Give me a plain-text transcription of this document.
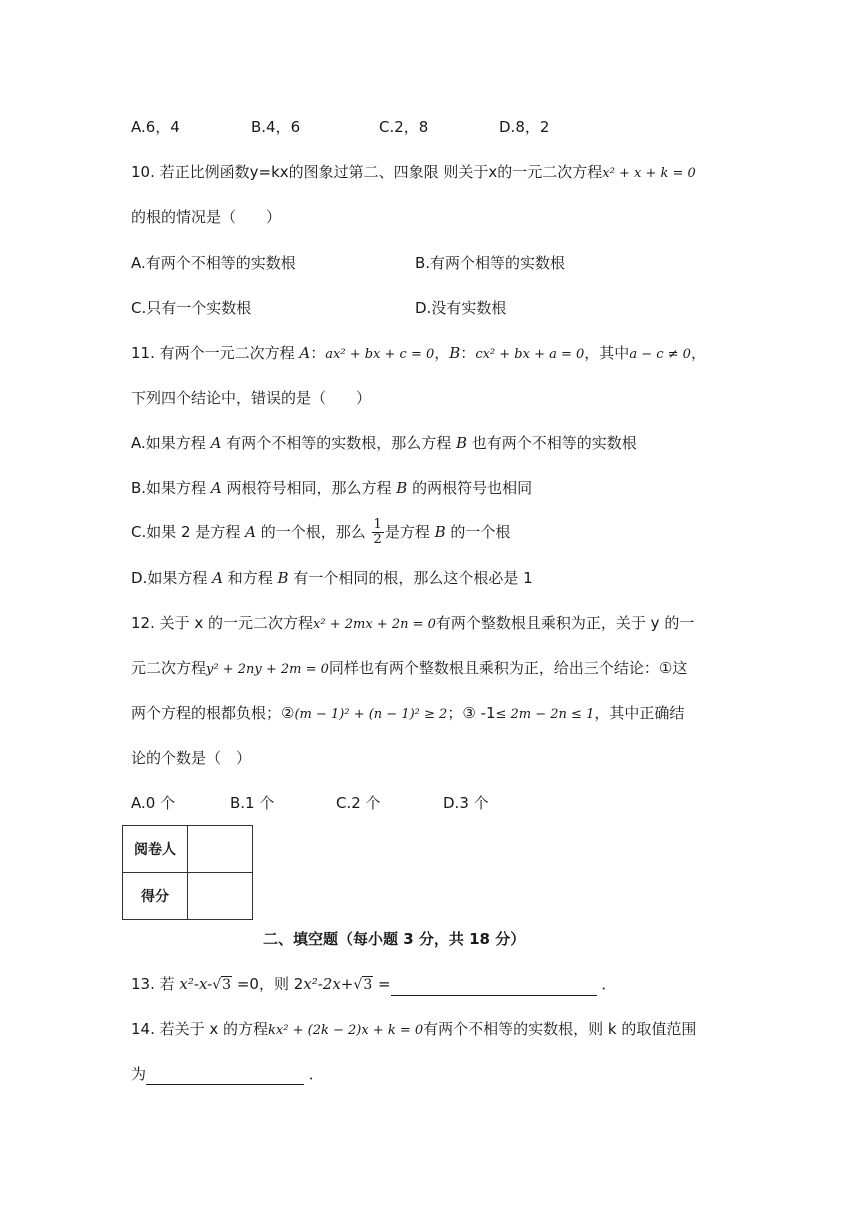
A.6，4	B.4，6	C.2，8	D.8，2
10. 若正比例函数y=kx的图象过第二、四象限 则关于x的一元二次方程x² + x + k = 0
的根的情况是（　　）
A.有两个不相等的实数根	B.有两个相等的实数根
C.只有一个实数根	D.没有实数根
11. 有两个一元二次方程 A：ax² + bx + c = 0，B：cx² + bx + a = 0，其中a − c ≠ 0，
下列四个结论中，错误的是（　　）
A.如果方程 A 有两个不相等的实数根，那么方程 B 也有两个不相等的实数根
B.如果方程 A 两根符号相同，那么方程 B 的两根符号也相同
C.如果 2 是方程 A 的一个根，那么 $\frac{1}{2}$ 是方程 B 的一个根
D.如果方程 A 和方程 B 有一个相同的根，那么这个根必是 1
12. 关于 x 的一元二次方程x² + 2mx + 2n = 0有两个整数根且乘积为正，关于 y 的一
元二次方程y² + 2ny + 2m = 0同样也有两个整数根且乘积为正，给出三个结论：①这
两个方程的根都负根；②(m − 1)² + (n − 1)² ≥ 2；③ -1≤ 2m − 2n ≤ 1，其中正确结
论的个数是（　）
A.0 个	B.1 个	C.2 个	D.3 个
阅卷人	
得分	
二、填空题（每小题 3 分，共 18 分）
13. 若 x²-x-√3 =0，则 2x²-2x+√3 =	．
14. 若关于 x 的方程kx² + (2k − 2)x + k = 0有两个不相等的实数根，则 k 的取值范围
为	．
